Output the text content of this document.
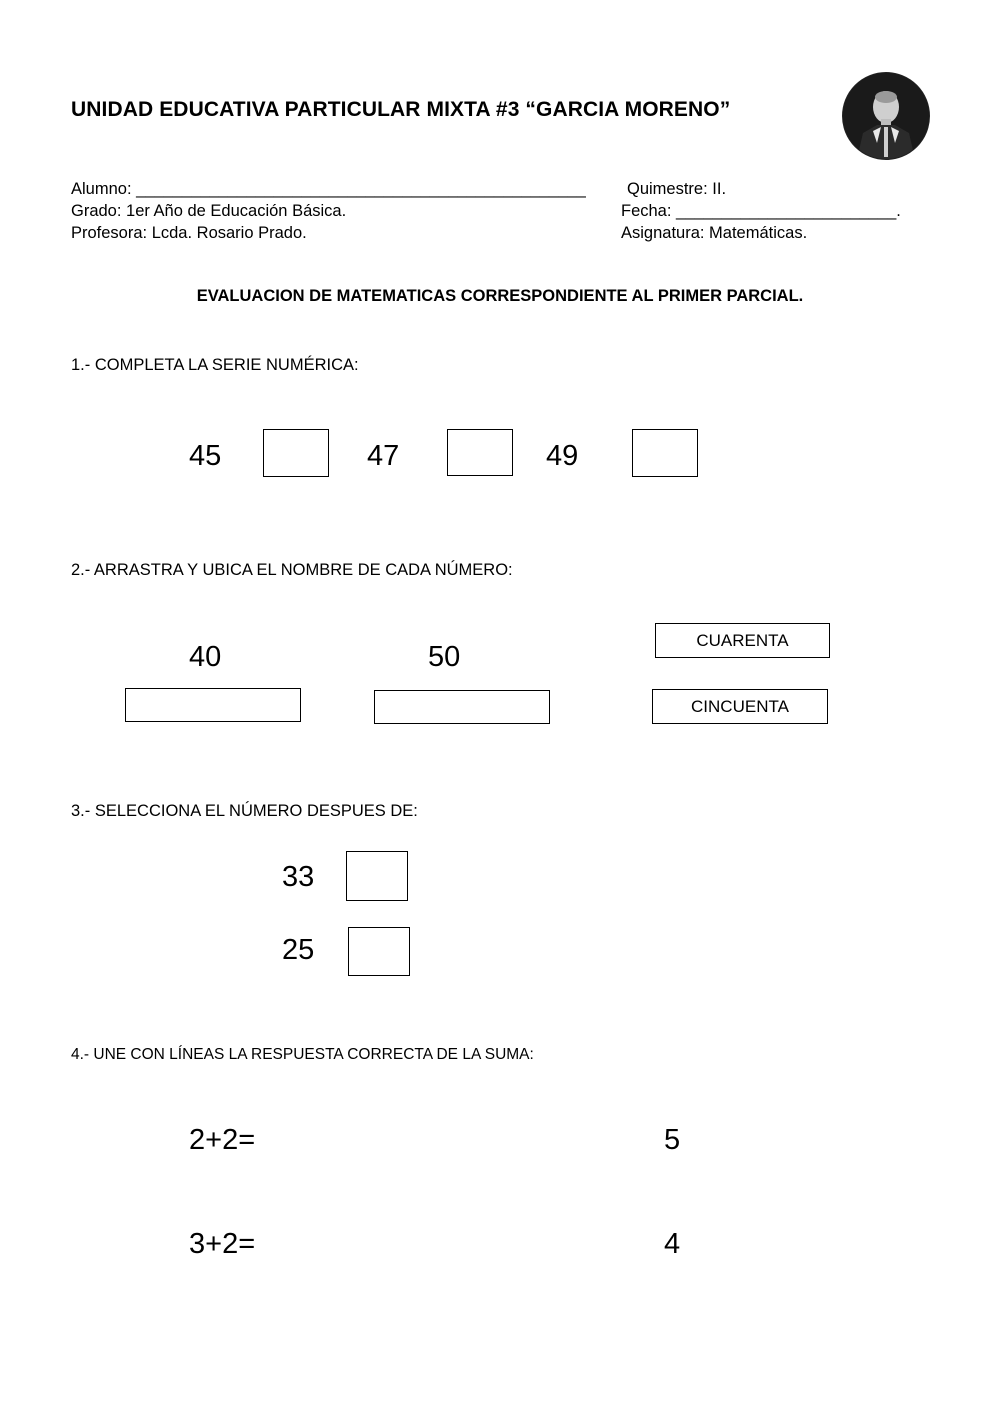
UNIDAD EDUCATIVA PARTICULAR MIXTA #3 “GARCIA MORENO”
Alumno: _________________________________________________ Quimestre: II.
Grado: 1er Año de Educación Básica.	Fecha: ________________________.
Profesora: Lcda. Rosario Prado.	Asignatura: Matemáticas.
EVALUACION DE MATEMATICAS CORRESPONDIENTE AL PRIMER PARCIAL.
1.- COMPLETA LA SERIE NUMÉRICA:
45	47	49
2.- ARRASTRA Y UBICA EL NOMBRE DE CADA NÚMERO:
40	50
CUARENTA
CINCUENTA
3.- SELECCIONA EL NÚMERO DESPUES DE:
33
25
4.- UNE CON LÍNEAS LA RESPUESTA CORRECTA DE LA SUMA:
2+2=	5
3+2=	4
